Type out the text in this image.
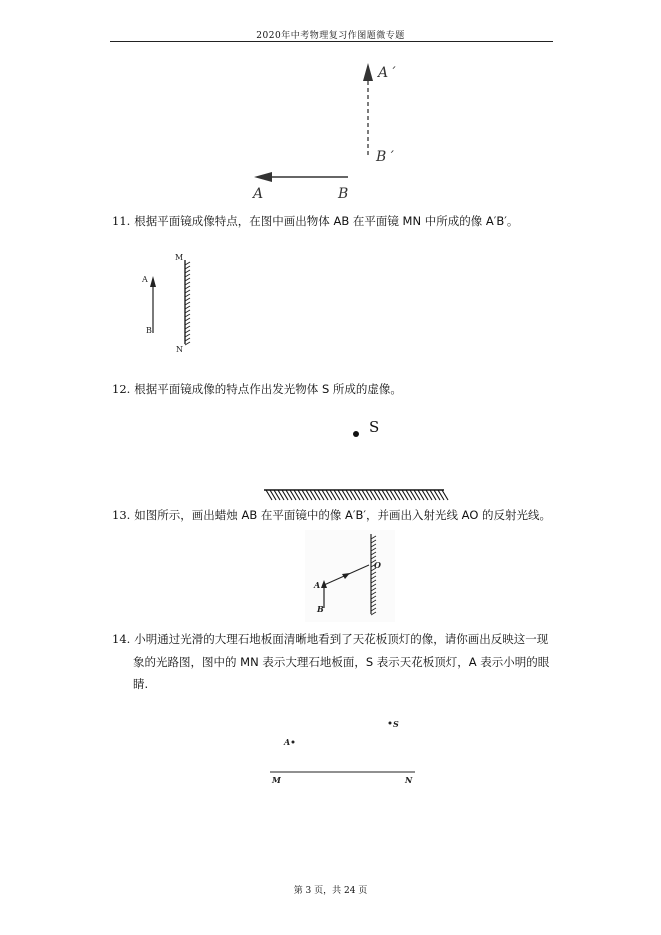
2020年中考物理复习作图题微专题
A ′
B ′
A	B
11. 根据平面镜成像特点，在图中画出物体 AB 在平面镜 MN 中所成的像 A′B′。
A
B
M
N
12. 根据平面镜成像的特点作出发光物体 S 所成的虚像。
S
13. 如图所示，画出蜡烛 AB 在平面镜中的像 A′B′，并画出入射光线 AO 的反射光线。
A
B
O
14. 小明通过光滑的大理石地板面清晰地看到了天花板顶灯的像，请你画出反映这一现
象的光路图，图中的 MN 表示大理石地板面，S 表示天花板顶灯，A 表示小明的眼
睛.
S
A
M	N
第 3 页，共 24 页
